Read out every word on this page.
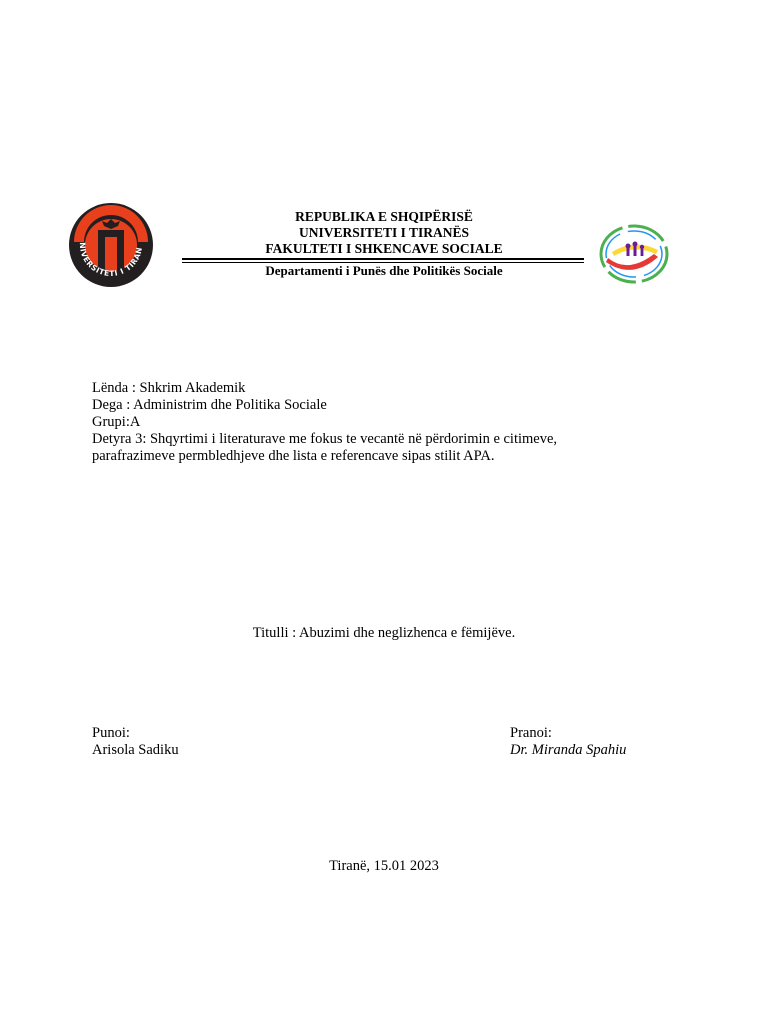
NIVERSITETI I TIRAN
REPUBLIKA E SHQIPËRISË
UNIVERSITETI I TIRANËS
FAKULTETI I SHKENCAVE SOCIALE
Departamenti i Punës dhe Politikës Sociale
Lënda : Shkrim Akademik
Dega : Administrim dhe Politika Sociale
Grupi:A
Detyra 3: Shqyrtimi i literaturave me fokus te vecantë në përdorimin e citimeve,
parafrazimeve permbledhjeve dhe lista e referencave sipas stilit APA.
Titulli : Abuzimi dhe neglizhenca e fëmijëve.
Punoi:
Arisola Sadiku
Pranoi:
Dr. Miranda Spahiu
Tiranë, 15.01 2023
